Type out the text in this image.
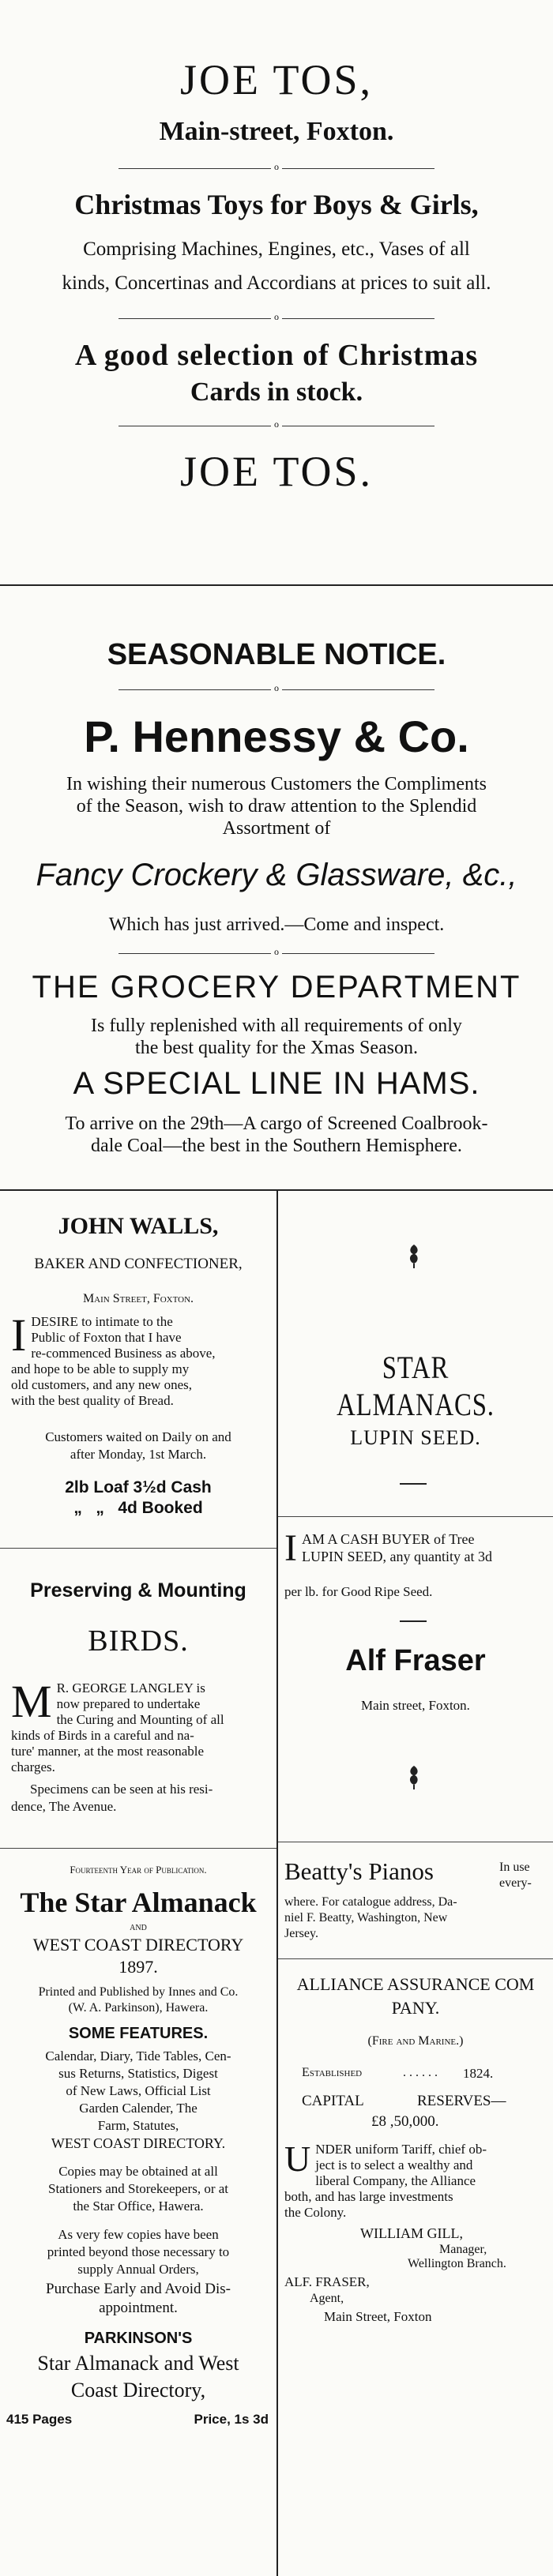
JOE TOS,
Main-street, Foxton.
o
Christmas Toys for Boys & Girls,
Comprising Machines, Engines, etc., Vases of all
kinds, Concertinas and Accordians at prices to suit all.
o
A good selection of Christmas
Cards in stock.
o
JOE TOS.
SEASONABLE NOTICE.
o
P. Hennessy & Co.
In wishing their numerous Customers the Compliments
of the Season, wish to draw attention to the Splendid
Assortment of
Fancy Crockery & Glassware, &c.,
Which has just arrived.—Come and inspect.
o
THE GROCERY DEPARTMENT
Is fully replenished with all requirements of only
the best quality for the Xmas Season.
A SPECIAL LINE IN HAMS.
To arrive on the 29th—A cargo of Screened Coalbrook-
dale Coal—the best in the Southern Hemisphere.
JOHN WALLS,
BAKER AND CONFECTIONER,
Main Street, Foxton.
I DESIRE to intimate to the
Public of Foxton that I have
re-commenced Business as above,
and hope to be able to supply my
old customers, and any new ones,
with the best quality of Bread.
Customers waited on Daily on and
after Monday, 1st March.
2lb Loaf 3½d Cash
„   „   4d Booked
Preserving & Mounting
BIRDS.
M R. GEORGE LANGLEY is
now prepared to undertake
the Curing and Mounting of all
kinds of Birds in a careful and na-
ture' manner, at the most reasonable
charges.
Specimens can be seen at his resi-
dence, The Avenue.
Fourteenth Year of Publication.
The Star Almanack
AND
WEST COAST DIRECTORY
1897.
Printed and Published by Innes and Co.
(W. A. Parkinson), Hawera.
SOME FEATURES.
Calendar, Diary, Tide Tables, Cen-
sus Returns, Statistics, Digest
of New Laws, Official List
Garden Calender, The
Farm, Statutes,
WEST COAST DIRECTORY.
Copies may be obtained at all
Stationers and Storekeepers, or at
the Star Office, Hawera.
As very few copies have been
printed beyond those necessary to
supply Annual Orders,
Purchase Early and Avoid Dis-
appointment.
PARKINSON'S
Star Almanack and West
Coast Directory,
415 Pages	Price, 1s 3d
STAR ALMANACS.
LUPIN SEED.
I AM A CASH BUYER of Tree
LUPIN SEED, any quantity at 3d
per lb. for Good Ripe Seed.
Alf Fraser
Main street, Foxton.
Beatty's Pianos	In use
every-
where. For catalogue address, Da-
niel F. Beatty, Washington, New
Jersey.
ALLIANCE ASSURANCE COM
PANY.
(Fire and Marine.)
Established	. . . . . .	1824.
CAPITAL	RESERVES—
£8 ,50,000.
U NDER uniform Tariff, chief ob-
ject is to select a wealthy and
liberal Company, the Alliance
both, and has large investments
the Colony.
WILLIAM GILL,
Manager,
Wellington Branch.
ALF. FRASER,
Agent,
Main Street, Foxton
